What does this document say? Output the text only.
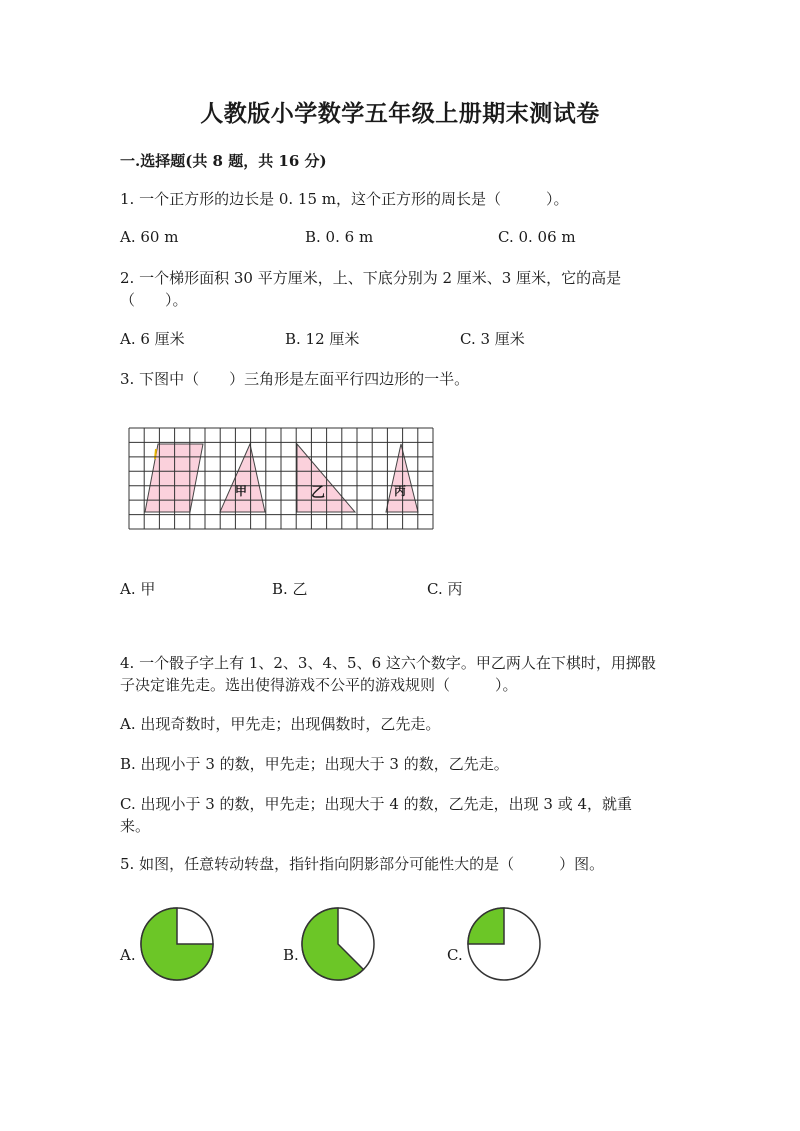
人教版小学数学五年级上册期末测试卷
一.选择题(共 8 题，共 16 分)
1. 一个正方形的边长是 0. 15 m，这个正方形的周长是（　　　）。
A. 60 m	B. 0. 6 m	C. 0. 06 m
2. 一个梯形面积 30 平方厘米，上、下底分别为 2 厘米、3 厘米，它的高是
（　　）。
A. 6 厘米	B. 12 厘米	C. 3 厘米
3. 下图中（　　）三角形是左面平行四边形的一半。
甲	乙	丙
A. 甲	B. 乙	C. 丙
4. 一个骰子字上有 1、2、3、4、5、6 这六个数字。甲乙两人在下棋时，用掷骰
子决定谁先走。选出使得游戏不公平的游戏规则（　　　）。
A. 出现奇数时，甲先走；出现偶数时，乙先走。
B. 出现小于 3 的数，甲先走；出现大于 3 的数，乙先走。
C. 出现小于 3 的数，甲先走；出现大于 4 的数，乙先走，出现 3 或 4，就重
来。
5. 如图，任意转动转盘，指针指向阴影部分可能性大的是（　　　）图。
A.	B.	C.
